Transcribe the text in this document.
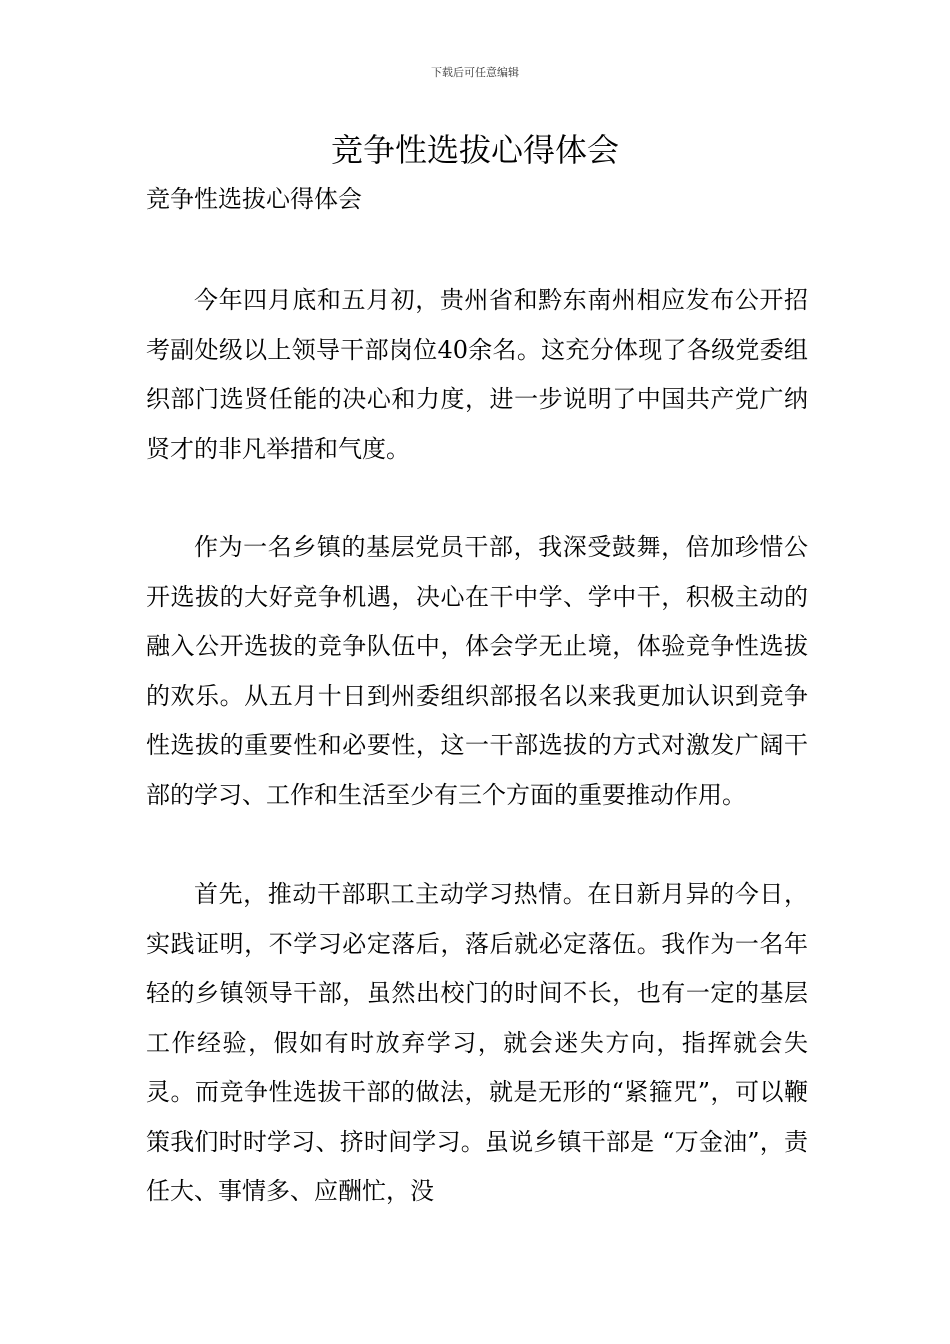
下载后可任意编辑
竞争性选拔心得体会
竞争性选拔心得体会

今年四月底和五月初，贵州省和黔东南州相应发布公开招考副处级以上领导干部岗位40余名。这充分体现了各级党委组织部门选贤任能的决心和力度，进一步说明了中国共产党广纳贤才的非凡举措和气度。

作为一名乡镇的基层党员干部，我深受鼓舞，倍加珍惜公开选拔的大好竞争机遇，决心在干中学、学中干，积极主动的融入公开选拔的竞争队伍中，体会学无止境，体验竞争性选拔的欢乐。从五月十日到州委组织部报名以来我更加认识到竞争性选拔的重要性和必要性，这一干部选拔的方式对激发广阔干部的学习、工作和生活至少有三个方面的重要推动作用。

首先，推动干部职工主动学习热情。在日新月异的今日，实践证明，不学习必定落后，落后就必定落伍。我作为一名年轻的乡镇领导干部，虽然出校门的时间不长，也有一定的基层工作经验，假如有时放弃学习，就会迷失方向，指挥就会失灵。而竞争性选拔干部的做法，就是无形的“紧箍咒”，可以鞭策我们时时学习、挤时间学习。虽说乡镇干部是 “万金油”，责任大、事情多、应酬忙，没
